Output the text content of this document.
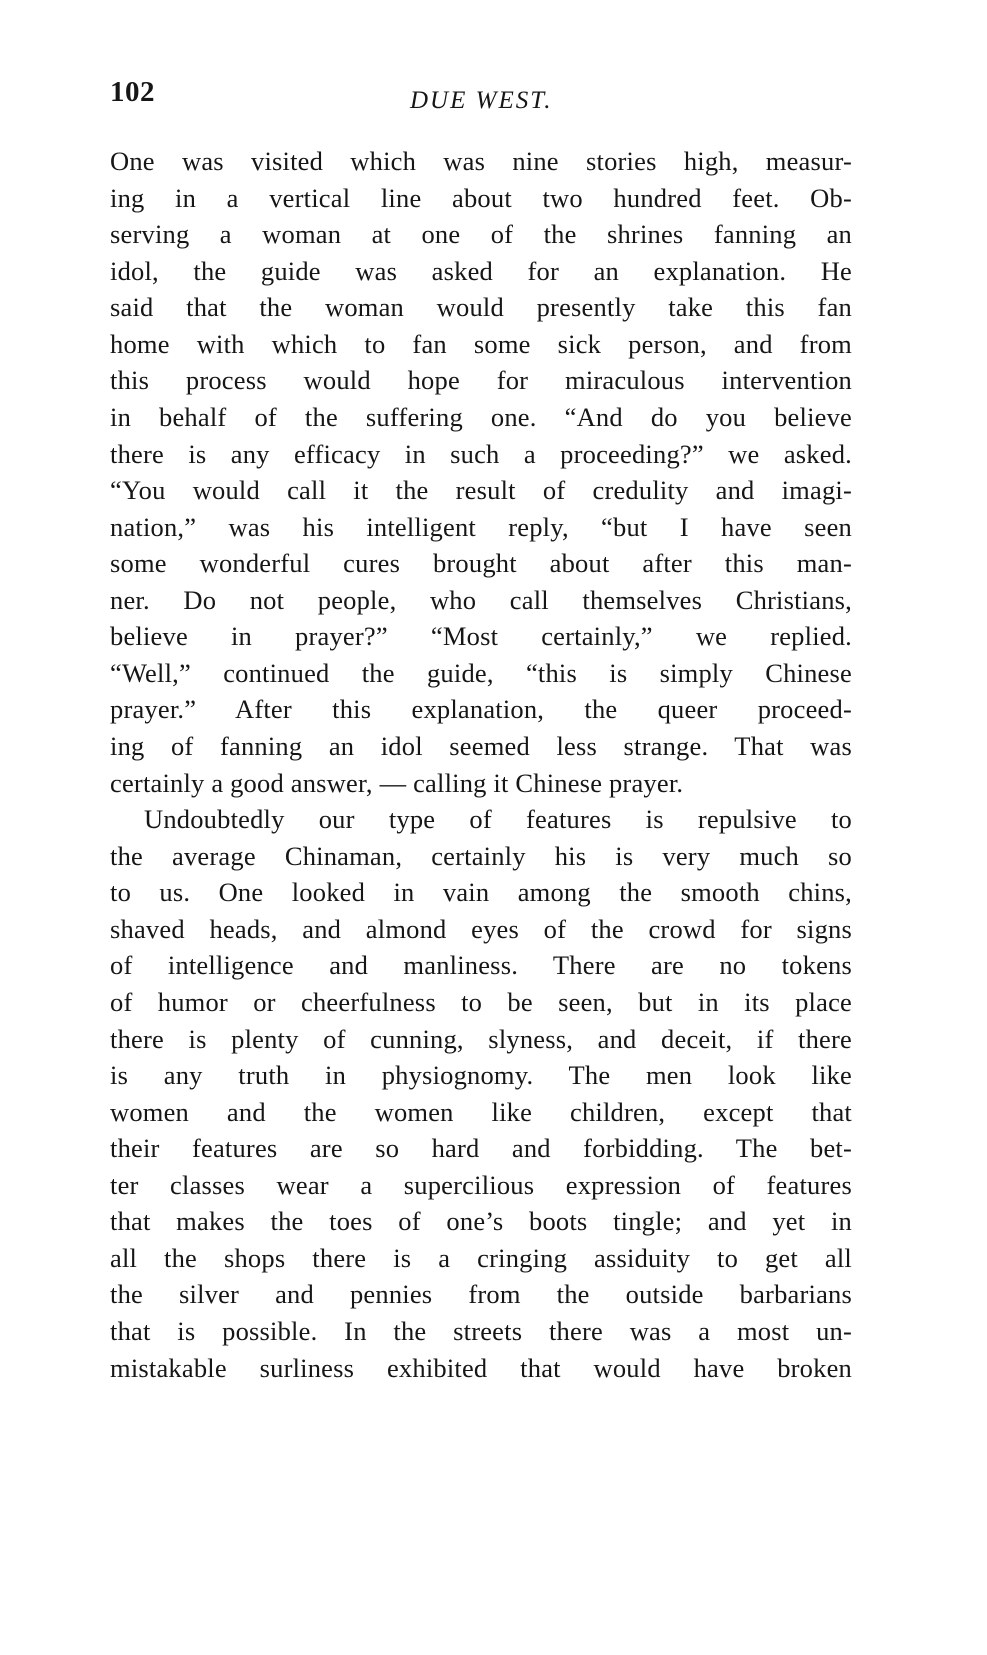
102	DUE WEST.
One was visited which was nine stories high, measur-
ing in a vertical line about two hundred feet. Ob-
serving a woman at one of the shrines fanning an
idol, the guide was asked for an explanation. He
said that the woman would presently take this fan
home with which to fan some sick person, and from
this process would hope for miraculous intervention
in behalf of the suffering one. “And do you believe
there is any efficacy in such a proceeding?” we asked.
“You would call it the result of credulity and imagi-
nation,” was his intelligent reply, “but I have seen
some wonderful cures brought about after this man-
ner. Do not people, who call themselves Christians,
believe in prayer?” “Most certainly,” we replied.
“Well,” continued the guide, “this is simply Chinese
prayer.” After this explanation, the queer proceed-
ing of fanning an idol seemed less strange. That was
certainly a good answer, — calling it Chinese prayer.
Undoubtedly our type of features is repulsive to
the average Chinaman, certainly his is very much so
to us. One looked in vain among the smooth chins,
shaved heads, and almond eyes of the crowd for signs
of intelligence and manliness. There are no tokens
of humor or cheerfulness to be seen, but in its place
there is plenty of cunning, slyness, and deceit, if there
is any truth in physiognomy. The men look like
women and the women like children, except that
their features are so hard and forbidding. The bet-
ter classes wear a supercilious expression of features
that makes the toes of one’s boots tingle; and yet in
all the shops there is a cringing assiduity to get all
the silver and pennies from the outside barbarians
that is possible. In the streets there was a most un-
mistakable surliness exhibited that would have broken
